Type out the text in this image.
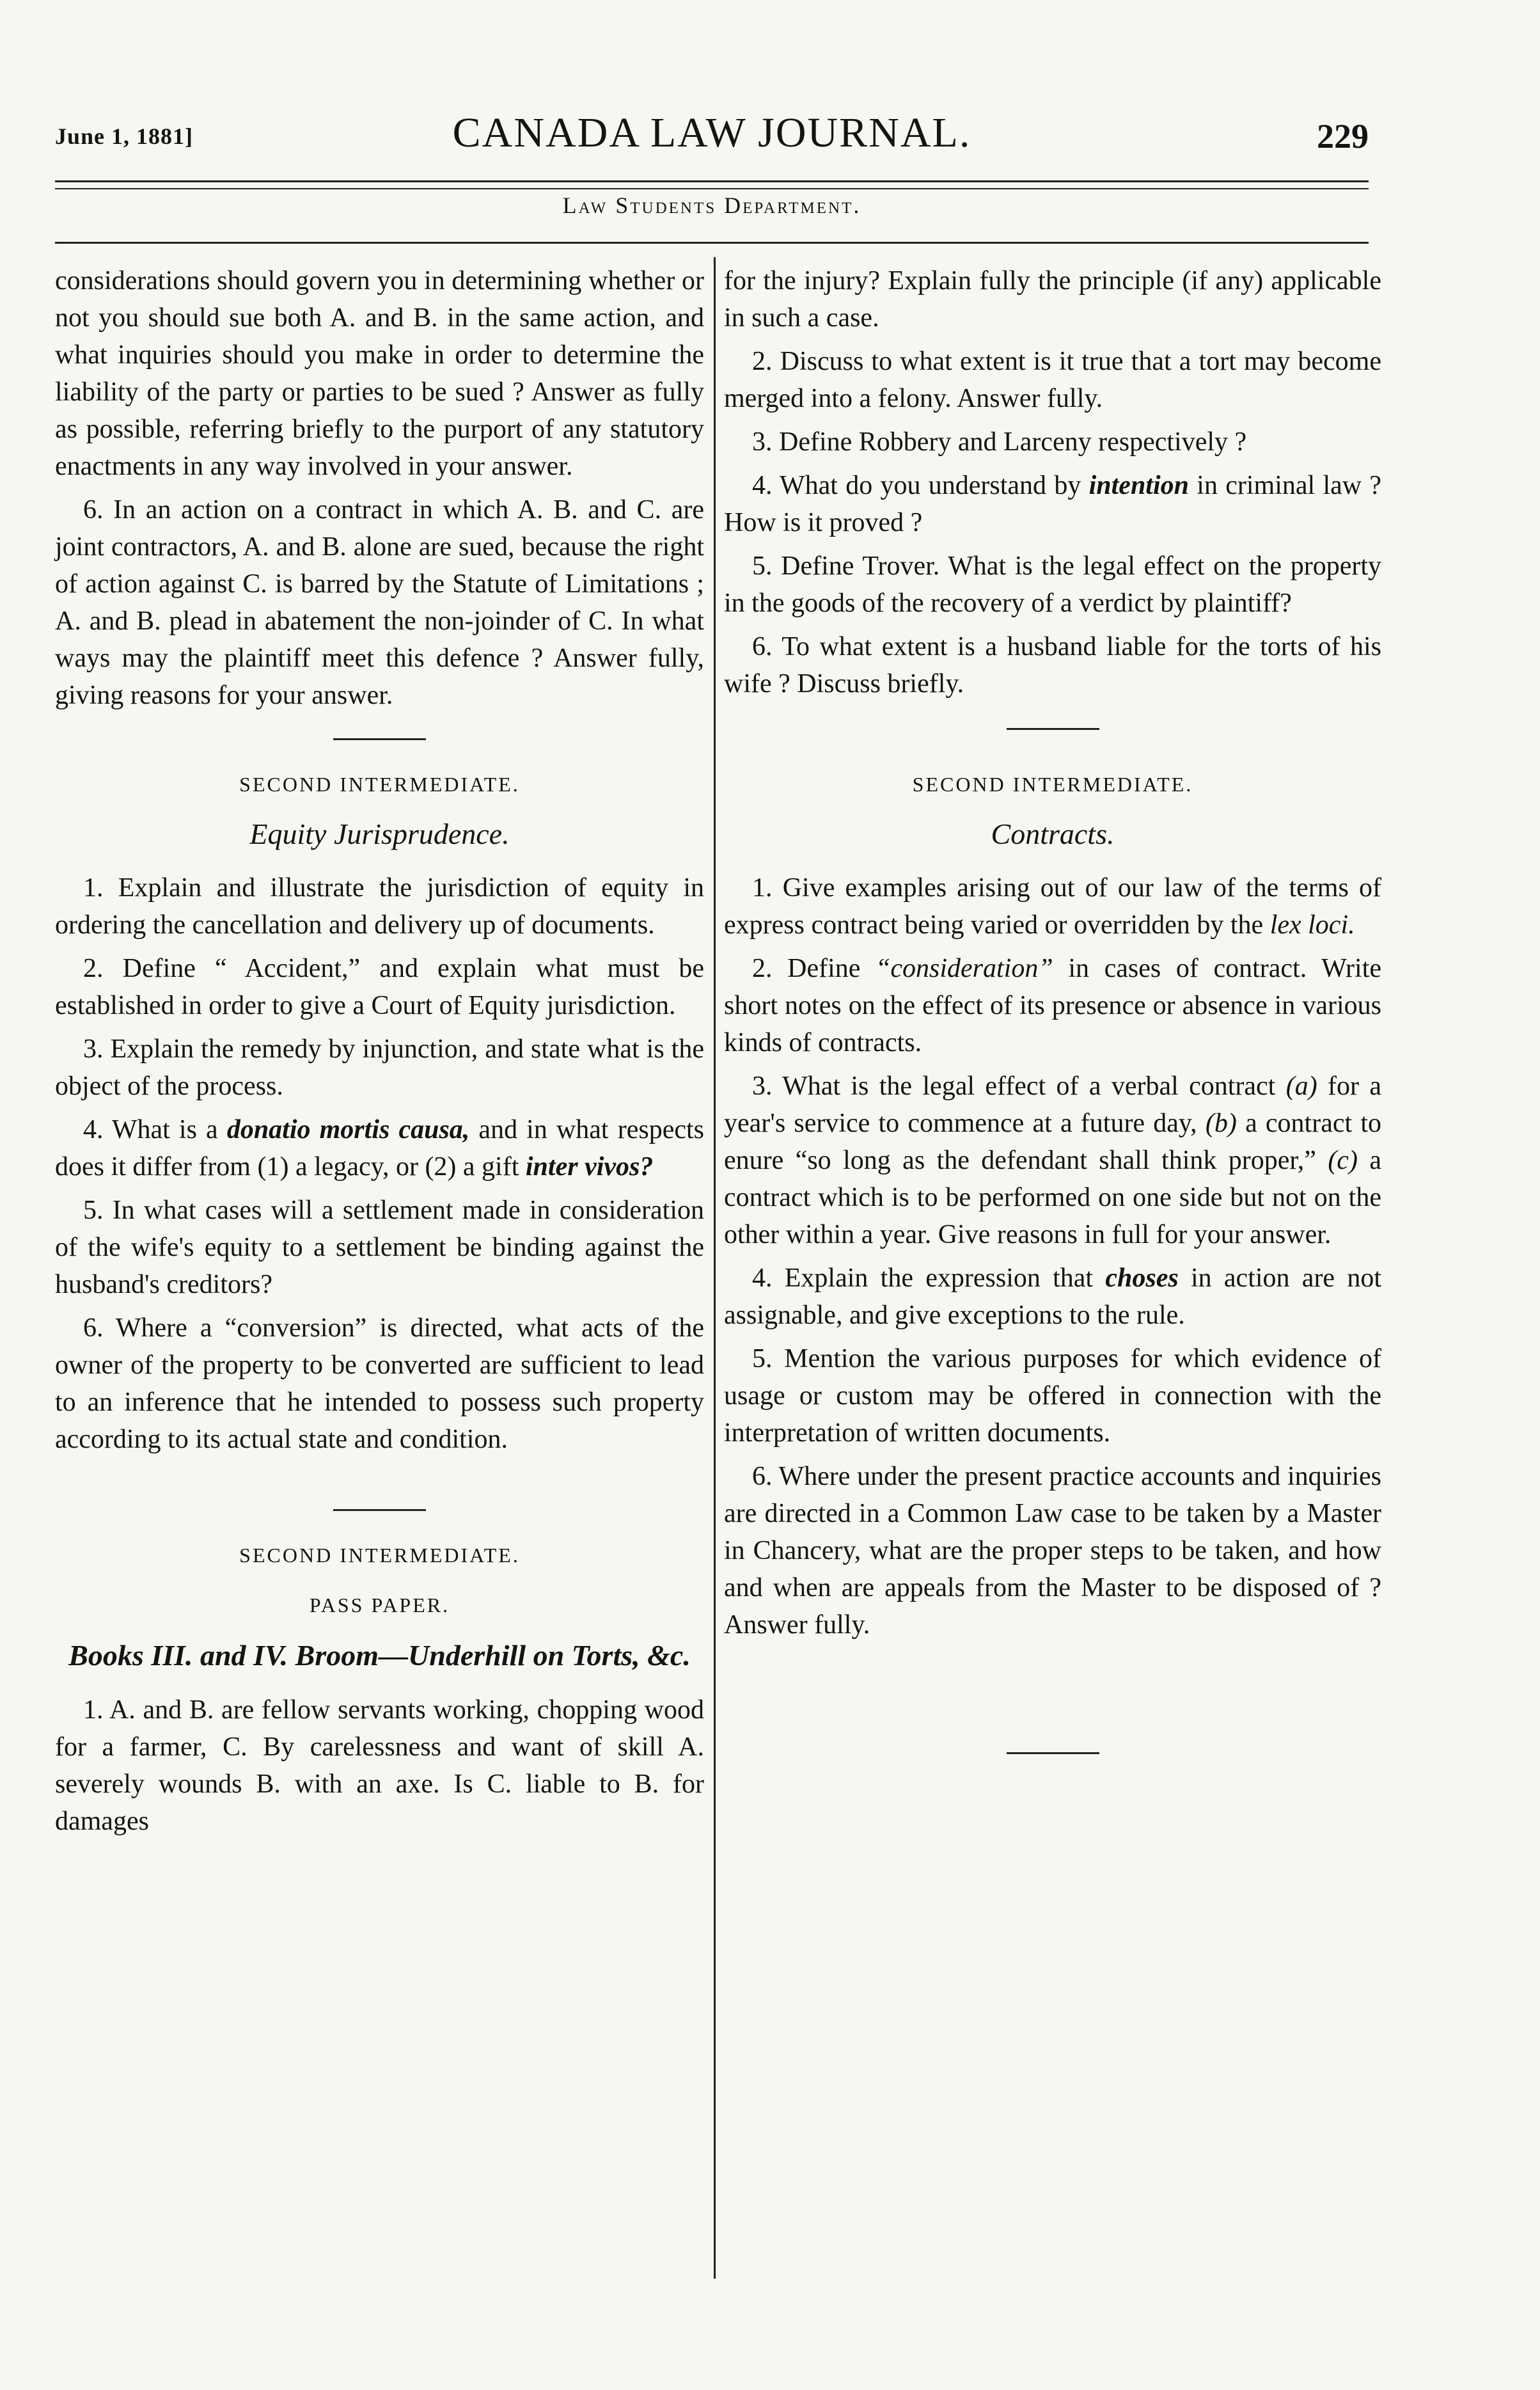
June 1, 1881]	CANADA LAW JOURNAL.	229
Law Students Department.

considerations should govern you in determining whether or not you should sue both A. and B. in the same action, and what inquiries should you make in order to determine the liability of the party or parties to be sued ? Answer as fully as possible, referring briefly to the purport of any statutory enactments in any way involved in your answer.

6. In an action on a contract in which A. B. and C. are joint contractors, A. and B. alone are sued, because the right of action against C. is barred by the Statute of Limitations ; A. and B. plead in abatement the non-joinder of C. In what ways may the plaintiff meet this defence ? Answer fully, giving reasons for your answer.

SECOND INTERMEDIATE.
Equity Jurisprudence.

1. Explain and illustrate the jurisdiction of equity in ordering the cancellation and delivery up of documents.

2. Define “ Accident,” and explain what must be established in order to give a Court of Equity jurisdiction.

3. Explain the remedy by injunction, and state what is the object of the process.

4. What is a donatio mortis causa, and in what respects does it differ from (1) a legacy, or (2) a gift inter vivos?

5. In what cases will a settlement made in consideration of the wife's equity to a settlement be binding against the husband's creditors?

6. Where a “conversion” is directed, what acts of the owner of the property to be converted are sufficient to lead to an inference that he intended to possess such property according to its actual state and condition.

SECOND INTERMEDIATE.
PASS PAPER.
Books III. and IV. Broom—Underhill on Torts, &c.

1. A. and B. are fellow servants working, chopping wood for a farmer, C. By carelessness and want of skill A. severely wounds B. with an axe. Is C. liable to B. for damages

for the injury? Explain fully the principle (if any) applicable in such a case.

2. Discuss to what extent is it true that a tort may become merged into a felony. Answer fully.

3. Define Robbery and Larceny respectively ?

4. What do you understand by intention in criminal law ? How is it proved ?

5. Define Trover. What is the legal effect on the property in the goods of the recovery of a verdict by plaintiff?

6. To what extent is a husband liable for the torts of his wife ? Discuss briefly.

SECOND INTERMEDIATE.
Contracts.

1. Give examples arising out of our law of the terms of express contract being varied or overridden by the lex loci.

2. Define “consideration” in cases of contract. Write short notes on the effect of its presence or absence in various kinds of contracts.

3. What is the legal effect of a verbal contract (a) for a year's service to commence at a future day, (b) a contract to enure “so long as the defendant shall think proper,” (c) a contract which is to be performed on one side but not on the other within a year. Give reasons in full for your answer.

4. Explain the expression that choses in action are not assignable, and give exceptions to the rule.

5. Mention the various purposes for which evidence of usage or custom may be offered in connection with the interpretation of written documents.

6. Where under the present practice accounts and inquiries are directed in a Common Law case to be taken by a Master in Chancery, what are the proper steps to be taken, and how and when are appeals from the Master to be disposed of ? Answer fully.
